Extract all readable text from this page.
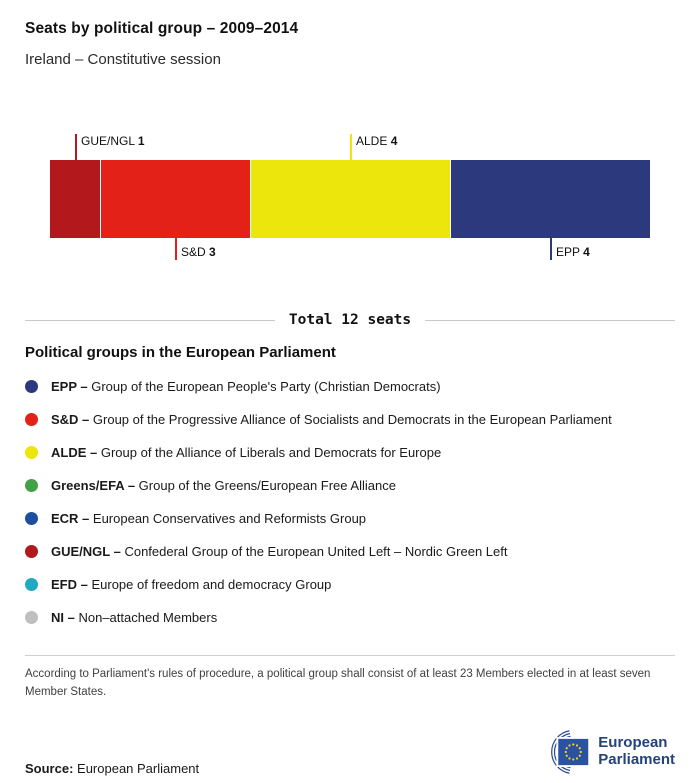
Seats by political group – 2009–2014
Ireland – Constitutive session
GUE/NGL 1
S&D 3
ALDE 4
EPP 4
Total 12 seats
Political groups in the European Parliament
EPP – Group of the European People's Party (Christian Democrats)
S&D – Group of the Progressive Alliance of Socialists and Democrats in the European Parliament
ALDE – Group of the Alliance of Liberals and Democrats for Europe
Greens/EFA – Group of the Greens/European Free Alliance
ECR – European Conservatives and Reformists Group
GUE/NGL – Confederal Group of the European United Left – Nordic Green Left
EFD – Europe of freedom and democracy Group
NI – Non–attached Members

According to Parliament's rules of procedure, a political group shall consist of at least 23 Members elected in at least seven Member States.

Source: European Parliament

European
Parliament
